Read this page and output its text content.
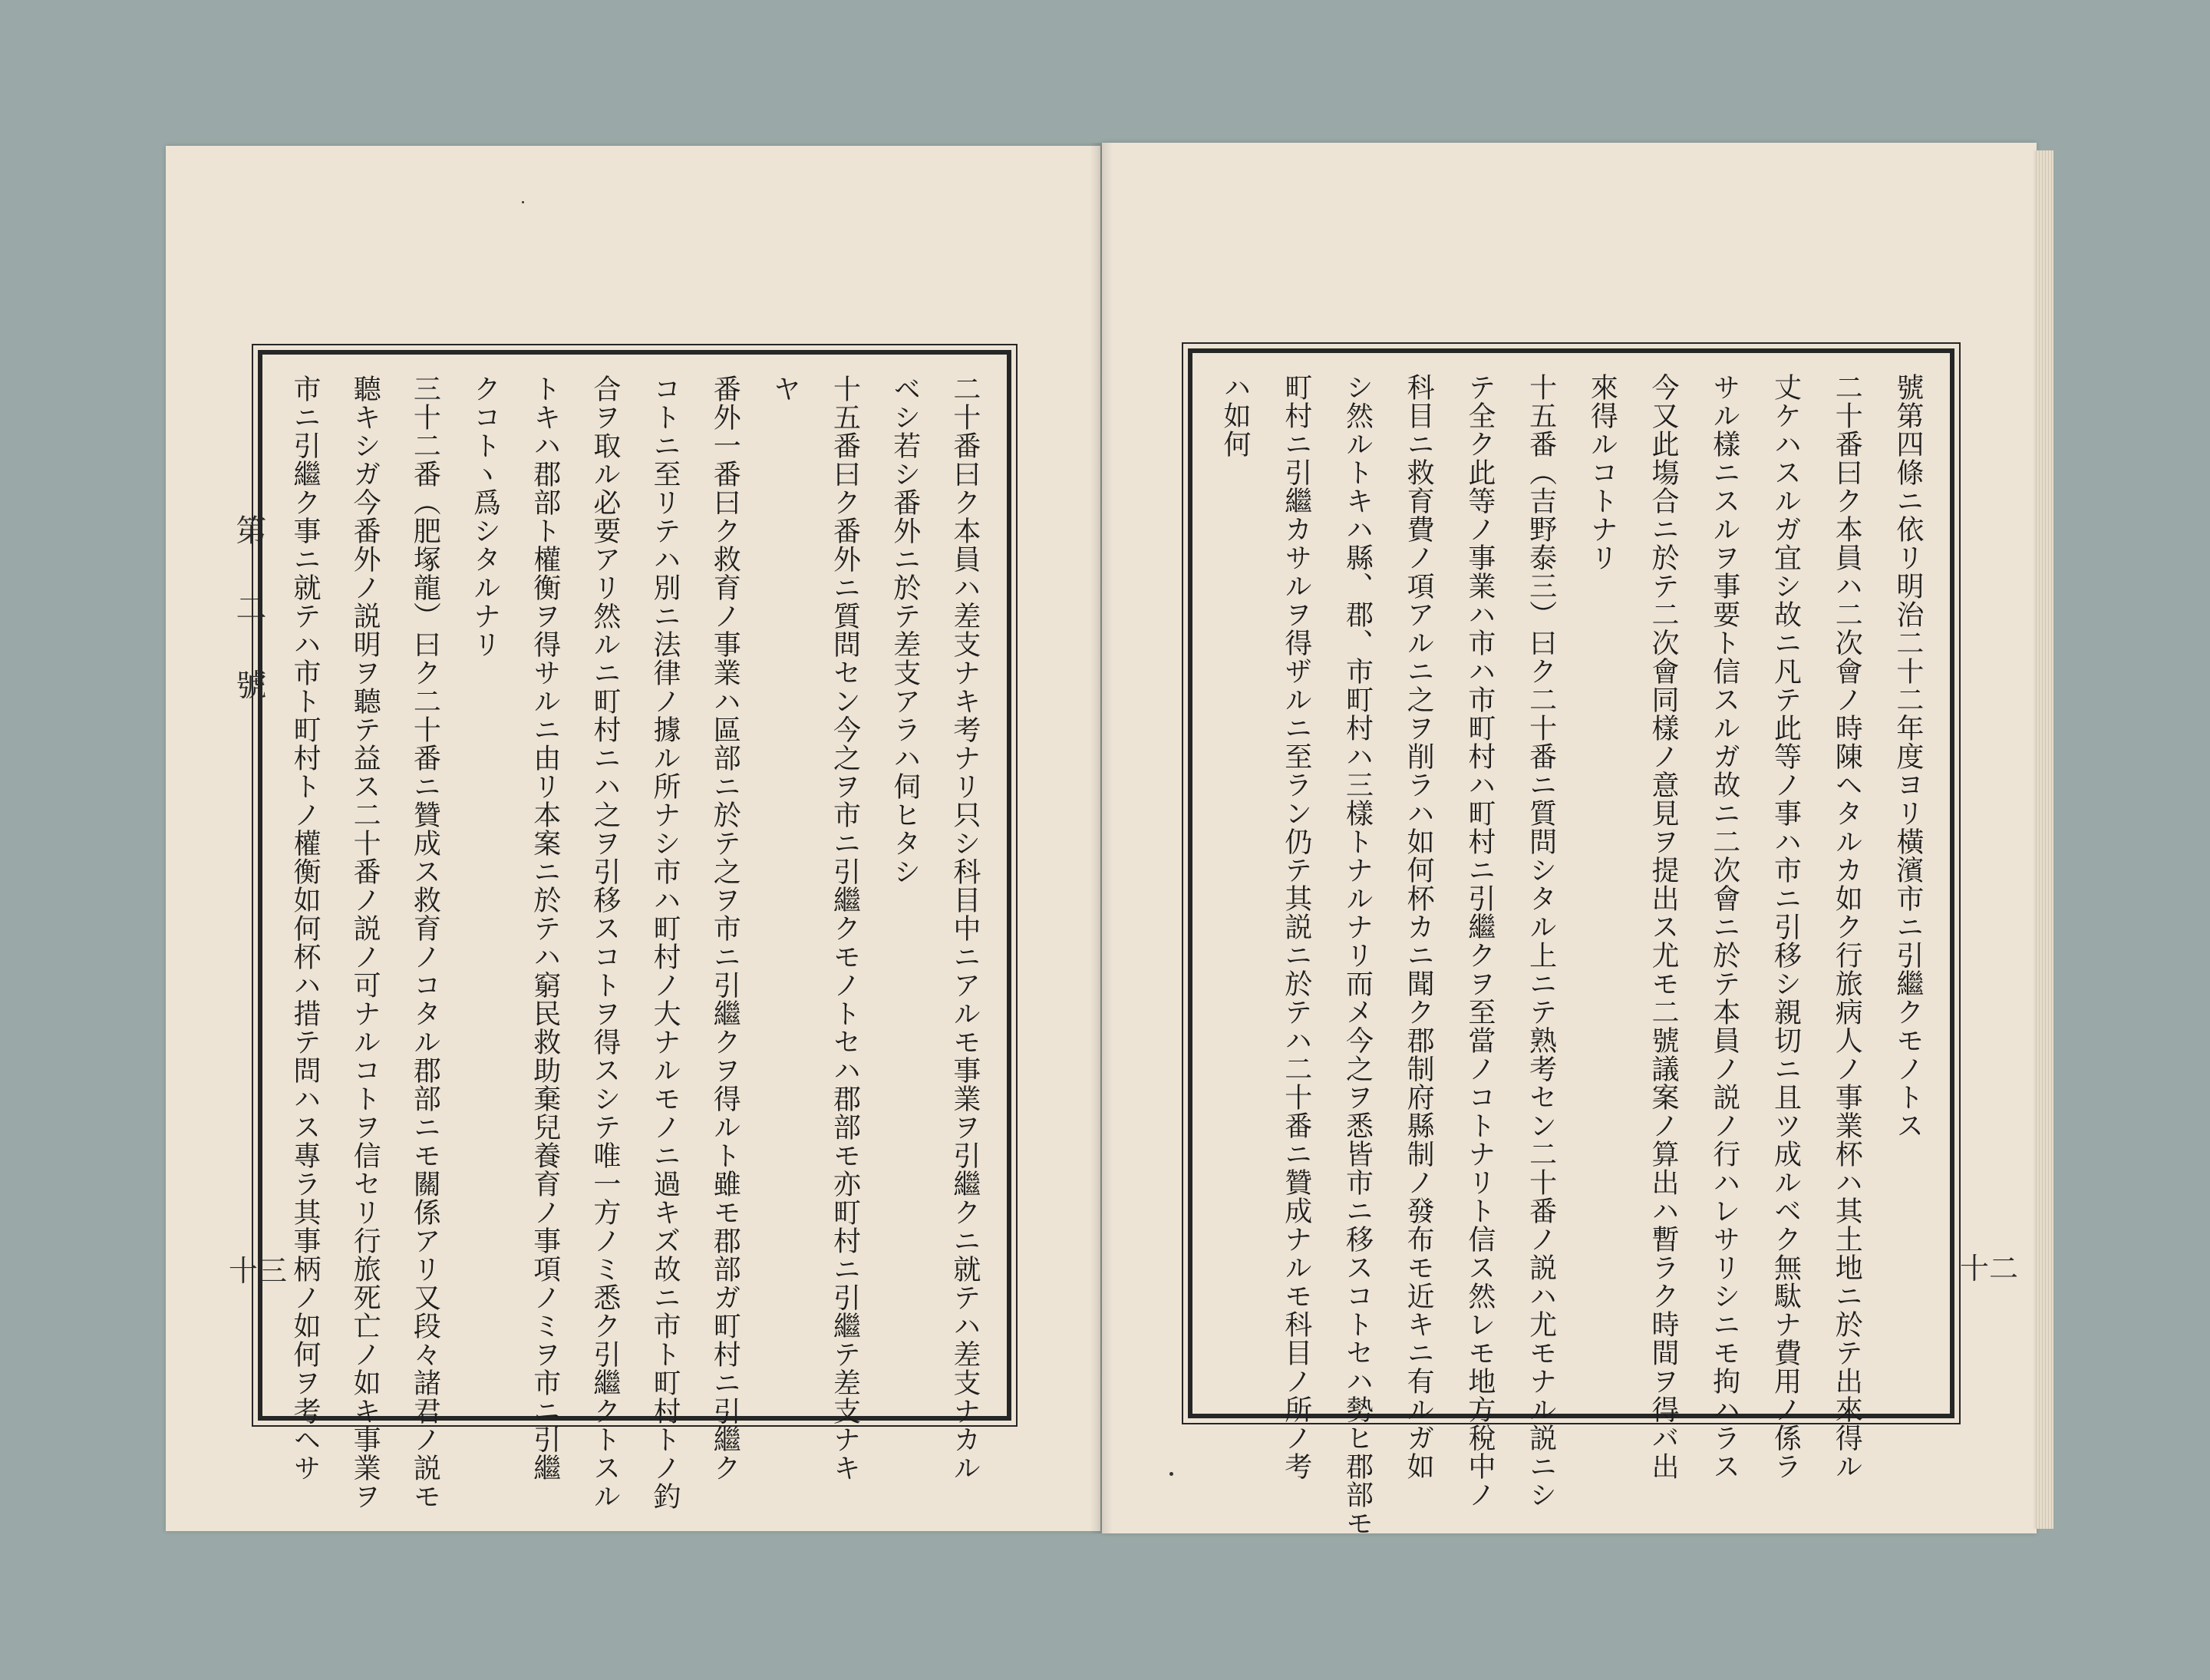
第 二 號
十三	十二
二十番曰ク本員ハ差支ナキ考ナリ只シ科目中ニアルモ事業ヲ引繼クニ就テハ差支ナカル
ベシ若シ番外ニ於テ差支アラハ伺ヒタシ
十五番曰ク番外ニ質問セン今之ヲ市ニ引繼クモノトセハ郡部モ亦町村ニ引繼テ差支ナキ
ヤ
番外一番曰ク救育ノ事業ハ區部ニ於テ之ヲ市ニ引繼クヲ得ルト雖モ郡部ガ町村ニ引繼ク
コトニ至リテハ別ニ法律ノ據ル所ナシ市ハ町村ノ大ナルモノニ過キズ故ニ市ト町村トノ釣
合ヲ取ル必要アリ然ルニ町村ニハ之ヲ引移スコトヲ得スシテ唯一方ノミ悉ク引繼クトスル
トキハ郡部ト權衡ヲ得サルニ由リ本案ニ於テハ窮民救助棄兒養育ノ事項ノミヲ市ニ引繼
クコトヽ爲シタルナリ
三十二番（肥塚龍）曰ク二十番ニ贊成ス救育ノコタル郡部ニモ關係アリ又段々諸君ノ説モ
聽キシガ今番外ノ説明ヲ聽テ益ス二十番ノ説ノ可ナルコトヲ信セリ行旅死亡ノ如キ事業ヲ
市ニ引繼ク事ニ就テハ市ト町村トノ權衡如何杯ハ措テ問ハス專ラ其事柄ノ如何ヲ考ヘサ	號第四條ニ依リ明治二十二年度ヨリ橫濱市ニ引繼クモノトス
二十番曰ク本員ハ二次會ノ時陳ヘタルカ如ク行旅病人ノ事業杯ハ其土地ニ於テ出來得ル
丈ケハスルガ宜シ故ニ凡テ此等ノ事ハ市ニ引移シ親切ニ且ツ成ルベク無駄ナ費用ノ係ラ
サル樣ニスルヲ事要ト信スルガ故ニ二次會ニ於テ本員ノ説ノ行ハレサリシニモ拘ハラス
今又此塲合ニ於テ二次會同樣ノ意見ヲ提出ス尤モ二號議案ノ算出ハ暫ラク時間ヲ得バ出
來得ルコトナリ
十五番（吉野泰三）曰ク二十番ニ質問シタル上ニテ熟考セン二十番ノ説ハ尤モナル説ニシ
テ全ク此等ノ事業ハ市ハ市町村ハ町村ニ引繼クヲ至當ノコトナリト信ス然レモ地方稅中ノ
科目ニ救育費ノ項アルニ之ヲ削ラハ如何杯カニ聞ク郡制府縣制ノ發布モ近キニ有ルガ如
シ然ルトキハ縣、郡、市町村ハ三樣トナルナリ而メ今之ヲ悉皆市ニ移スコトセハ勢ヒ郡部モ
町村ニ引繼カサルヲ得ザルニ至ラン仍テ其説ニ於テハ二十番ニ贊成ナルモ科目ノ所ノ考
ハ如何
